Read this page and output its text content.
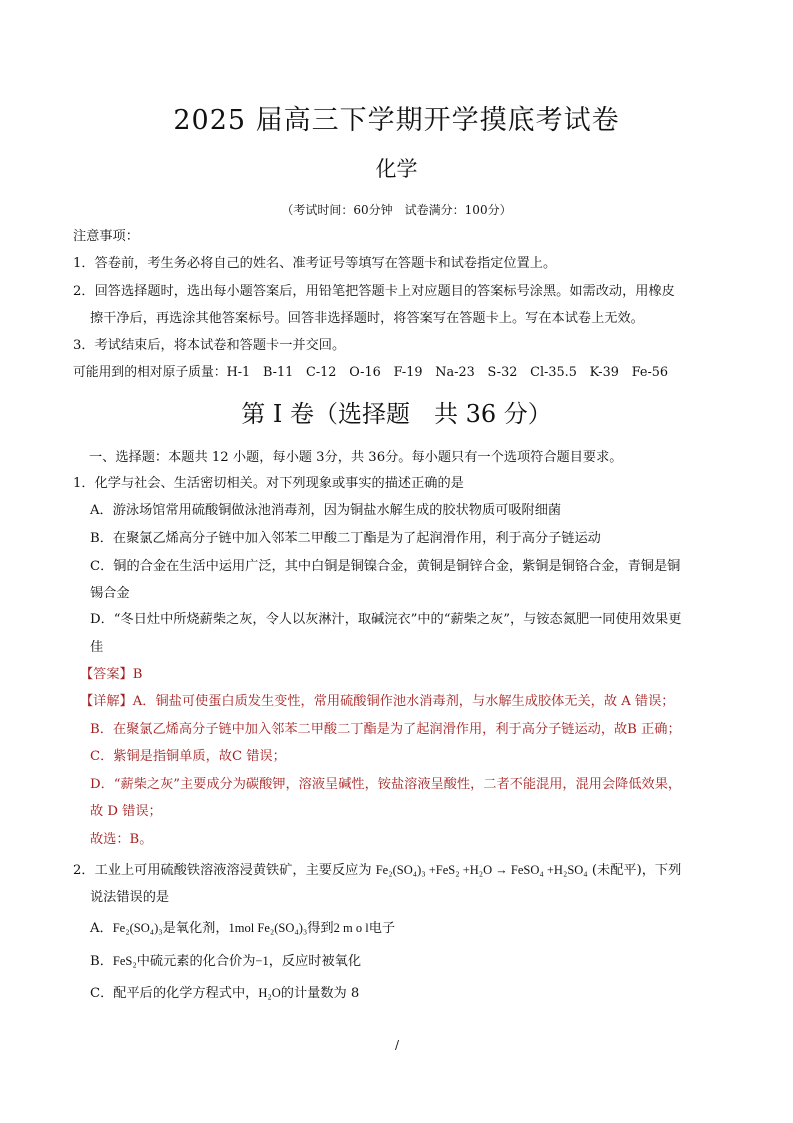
2025 届高三下学期开学摸底考试卷
化学
（考试时间：60分钟　试卷满分：100分）
注意事项：
1．答卷前，考生务必将自己的姓名、准考证号等填写在答题卡和试卷指定位置上。
2．回答选择题时，选出每小题答案后，用铅笔把答题卡上对应题目的答案标号涂黑。如需改动，用橡皮
擦干净后，再选涂其他答案标号。回答非选择题时，将答案写在答题卡上。写在本试卷上无效。
3．考试结束后，将本试卷和答题卡一并交回。
可能用到的相对原子质量：H-1　B-11　C-12　O-16　F-19　Na-23　S-32　Cl-35.5　K-39　Fe-56
第 I 卷（选择题　共 36 分）
一、选择题：本题共 12 小题，每小题 3分，共 36分。每小题只有一个选项符合题目要求。
1．化学与社会、生活密切相关。对下列现象或事实的描述正确的是
A．游泳场馆常用硫酸铜做泳池消毒剂，因为铜盐水解生成的胶状物质可吸附细菌
B．在聚氯乙烯高分子链中加入邻苯二甲酸二丁酯是为了起润滑作用，利于高分子链运动
C．铜的合金在生活中运用广泛，其中白铜是铜镍合金，黄铜是铜锌合金，紫铜是铜铬合金，青铜是铜
锡合金
D．“冬日灶中所烧薪柴之灰，令人以灰淋汁，取碱浣衣”中的“薪柴之灰”，与铵态氮肥一同使用效果更
佳
【答案】B
【详解】A．铜盐可使蛋白质发生变性，常用硫酸铜作池水消毒剂，与水解生成胶体无关，故 A 错误；
B．在聚氯乙烯高分子链中加入邻苯二甲酸二丁酯是为了起润滑作用，利于高分子链运动，故B 正确；
C．紫铜是指铜单质，故C 错误；
D．“薪柴之灰”主要成分为碳酸钾，溶液呈碱性，铵盐溶液呈酸性，二者不能混用，混用会降低效果，
故 D 错误；
故选：B。
2．工业上可用硫酸铁溶液溶浸黄铁矿，主要反应为 Fe₂(SO₄)₃ +FeS₂ +H₂O → FeSO₄ +H₂SO₄ (未配平)，下列
说法错误的是
A．Fe₂(SO₄)₃是氧化剂，1mol Fe₂(SO₄)₃得到2 m o l电子
B．FeS₂中硫元素的化合价为−1，反应时被氧化
C．配平后的化学方程式中，H₂O的计量数为 8
/
